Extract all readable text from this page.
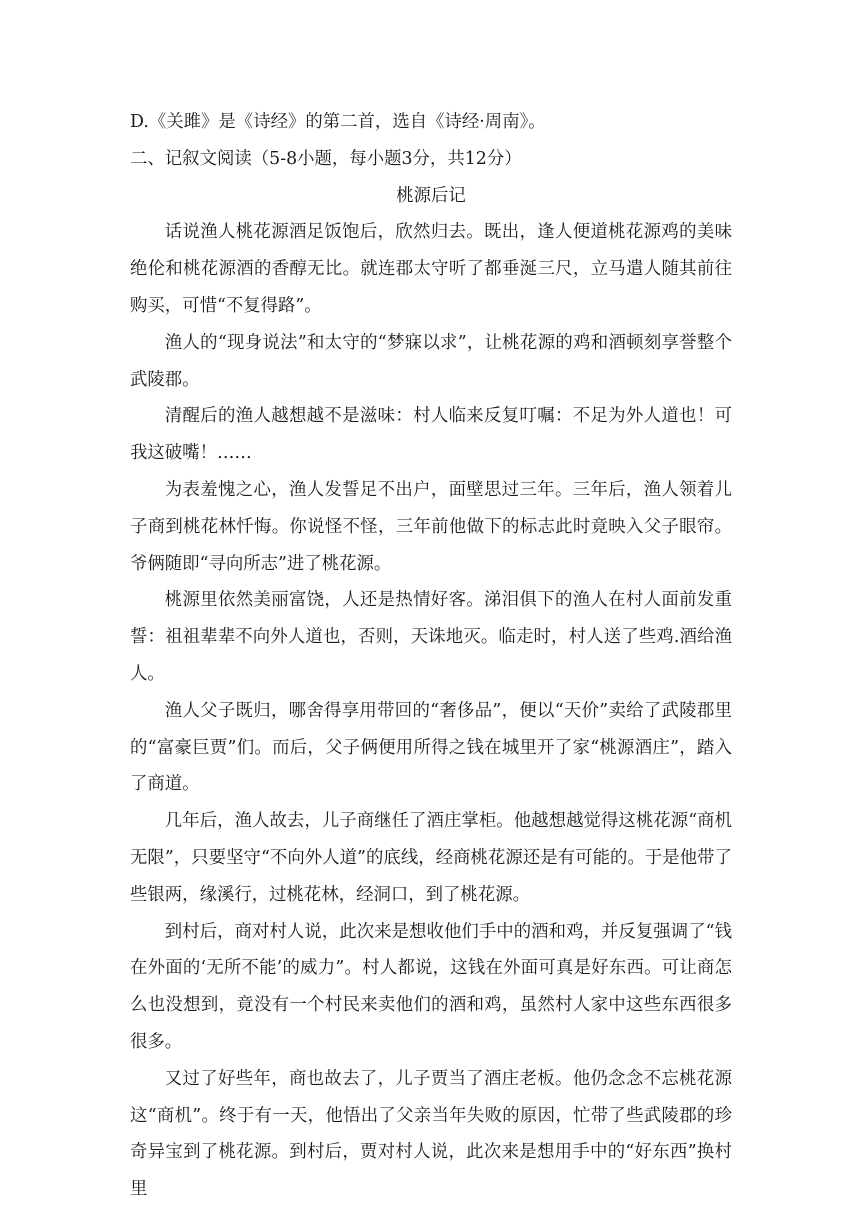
D.《关雎》是《诗经》的第二首，选自《诗经·周南》。

二、记叙文阅读（5-8小题，每小题3分，共12分）

桃源后记

话说渔人桃花源酒足饭饱后，欣然归去。既出，逢人便道桃花源鸡的美味绝伦和桃花源酒的香醇无比。就连郡太守听了都垂涎三尺，立马遣人随其前往购买，可惜“不复得路”。

渔人的“现身说法”和太守的“梦寐以求”，让桃花源的鸡和酒顿刻享誉整个武陵郡。

清醒后的渔人越想越不是滋味：村人临来反复叮嘱：不足为外人道也！可我这破嘴！……

为表羞愧之心，渔人发誓足不出户，面壁思过三年。三年后，渔人领着儿子商到桃花林忏悔。你说怪不怪，三年前他做下的标志此时竟映入父子眼帘。爷俩随即“寻向所志”进了桃花源。

桃源里依然美丽富饶，人还是热情好客。涕泪俱下的渔人在村人面前发重誓：祖祖辈辈不向外人道也，否则，天诛地灭。临走时，村人送了些鸡.酒给渔人。

渔人父子既归，哪舍得享用带回的“奢侈品”，便以“天价”卖给了武陵郡里的“富豪巨贾”们。而后，父子俩便用所得之钱在城里开了家“桃源酒庄”，踏入了商道。

几年后，渔人故去，儿子商继任了酒庄掌柜。他越想越觉得这桃花源“商机无限”，只要坚守“不向外人道”的底线，经商桃花源还是有可能的。于是他带了些银两，缘溪行，过桃花林，经洞口，到了桃花源。

到村后，商对村人说，此次来是想收他们手中的酒和鸡，并反复强调了“钱在外面的‘无所不能’的威力”。村人都说，这钱在外面可真是好东西。可让商怎么也没想到，竟没有一个村民来卖他们的酒和鸡，虽然村人家中这些东西很多很多。

又过了好些年，商也故去了，儿子贾当了酒庄老板。他仍念念不忘桃花源这“商机”。终于有一天，他悟出了父亲当年失败的原因，忙带了些武陵郡的珍奇异宝到了桃花源。到村后，贾对村人说，此次来是想用手中的“好东西”换村里
